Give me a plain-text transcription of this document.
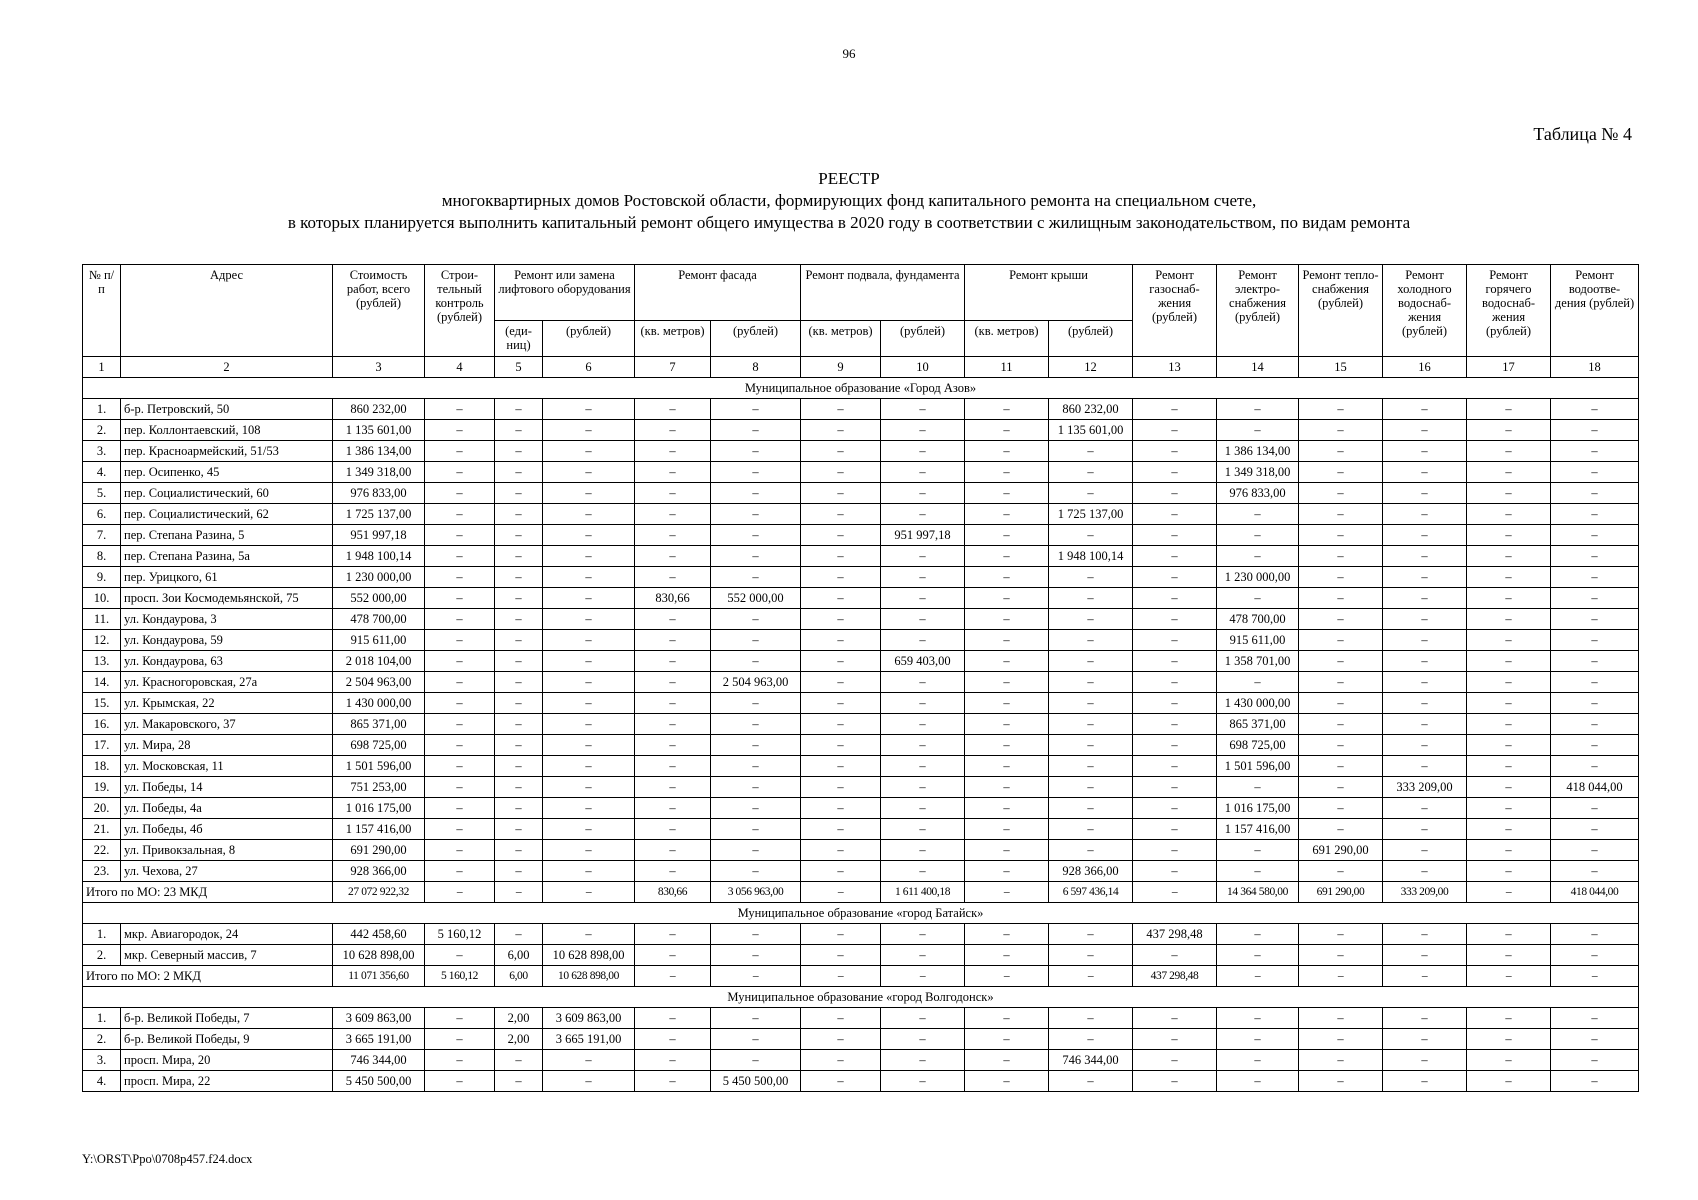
96
Таблица № 4
РЕЕСТР
многоквартирных домов Ростовской области, формирующих фонд капитального ремонта на специальном счете,
в которых планируется выполнить капитальный ремонт общего имущества в 2020 году в соответствии с жилищным законодательством, по видам ремонта
№ п/п	Адрес	Стоимость работ, всего (рублей)	Строи-тельный контроль (рублей)	Ремонт или замена лифтового оборудования		Ремонт фасада		Ремонт подвала, фундамента		Ремонт крыши		Ремонт газоснаб-жения (рублей)	Ремонт электро-снабжения (рублей)	Ремонт тепло-снабжения (рублей)	Ремонт холодного водоснаб-жения (рублей)	Ремонт горячего водоснаб-жения (рублей)	Ремонт водоотве-дения (рублей)
				(еди-ниц)	(рублей)	(кв. метров)	(рублей)	(кв. метров)	(рублей)	(кв. метров)	(рублей)						
1	2	3	4	5	6	7	8	9	10	11	12	13	14	15	16	17	18
Муниципальное образование «Город Азов»																	
1.	б-р. Петровский, 50	860 232,00	–	–	–	–	–	–	–	–	860 232,00	–	–	–	–	–	–
2.	пер. Коллонтаевский, 108	1 135 601,00	–	–	–	–	–	–	–	–	1 135 601,00	–	–	–	–	–	–
3.	пер. Красноармейский, 51/53	1 386 134,00	–	–	–	–	–	–	–	–	–	–	1 386 134,00	–	–	–	–
4.	пер. Осипенко, 45	1 349 318,00	–	–	–	–	–	–	–	–	–	–	1 349 318,00	–	–	–	–
5.	пер. Социалистический, 60	976 833,00	–	–	–	–	–	–	–	–	–	–	976 833,00	–	–	–	–
6.	пер. Социалистический, 62	1 725 137,00	–	–	–	–	–	–	–	–	1 725 137,00	–	–	–	–	–	–
7.	пер. Степана Разина, 5	951 997,18	–	–	–	–	–	–	951 997,18	–	–	–	–	–	–	–	–
8.	пер. Степана Разина, 5а	1 948 100,14	–	–	–	–	–	–	–	–	1 948 100,14	–	–	–	–	–	–
9.	пер. Урицкого, 61	1 230 000,00	–	–	–	–	–	–	–	–	–	–	1 230 000,00	–	–	–	–
10.	просп. Зои Космодемьянской, 75	552 000,00	–	–	–	830,66	552 000,00	–	–	–	–	–	–	–	–	–	–
11.	ул. Кондаурова, 3	478 700,00	–	–	–	–	–	–	–	–	–	–	478 700,00	–	–	–	–
12.	ул. Кондаурова, 59	915 611,00	–	–	–	–	–	–	–	–	–	–	915 611,00	–	–	–	–
13.	ул. Кондаурова, 63	2 018 104,00	–	–	–	–	–	–	659 403,00	–	–	–	1 358 701,00	–	–	–	–
14.	ул. Красногоровская, 27а	2 504 963,00	–	–	–	–	2 504 963,00	–	–	–	–	–	–	–	–	–	–
15.	ул. Крымская, 22	1 430 000,00	–	–	–	–	–	–	–	–	–	–	1 430 000,00	–	–	–	–
16.	ул. Макаровского, 37	865 371,00	–	–	–	–	–	–	–	–	–	–	865 371,00	–	–	–	–
17.	ул. Мира, 28	698 725,00	–	–	–	–	–	–	–	–	–	–	698 725,00	–	–	–	–
18.	ул. Московская, 11	1 501 596,00	–	–	–	–	–	–	–	–	–	–	1 501 596,00	–	–	–	–
19.	ул. Победы, 14	751 253,00	–	–	–	–	–	–	–	–	–	–	–	–	333 209,00	–	418 044,00
20.	ул. Победы, 4а	1 016 175,00	–	–	–	–	–	–	–	–	–	–	1 016 175,00	–	–	–	–
21.	ул. Победы, 4б	1 157 416,00	–	–	–	–	–	–	–	–	–	–	1 157 416,00	–	–	–	–
22.	ул. Привокзальная, 8	691 290,00	–	–	–	–	–	–	–	–	–	–	–	691 290,00	–	–	–
23.	ул. Чехова, 27	928 366,00	–	–	–	–	–	–	–	–	928 366,00	–	–	–	–	–	–
Итого по МО: 23 МКД		27 072 922,32	–	–	–	830,66	3 056 963,00	–	1 611 400,18	–	6 597 436,14	–	14 364 580,00	691 290,00	333 209,00	–	418 044,00
Муниципальное образование «город Батайск»																	
1.	мкр. Авиагородок, 24	442 458,60	5 160,12	–	–	–	–	–	–	–	–	437 298,48	–	–	–	–	–
2.	мкр. Северный массив, 7	10 628 898,00	–	6,00	10 628 898,00	–	–	–	–	–	–	–	–	–	–	–	–
Итого по МО: 2 МКД		11 071 356,60	5 160,12	6,00	10 628 898,00	–	–	–	–	–	–	437 298,48	–	–	–	–	–
Муниципальное образование «город Волгодонск»																	
1.	б-р. Великой Победы, 7	3 609 863,00	–	2,00	3 609 863,00	–	–	–	–	–	–	–	–	–	–	–	–
2.	б-р. Великой Победы, 9	3 665 191,00	–	2,00	3 665 191,00	–	–	–	–	–	–	–	–	–	–	–	–
3.	просп. Мира, 20	746 344,00	–	–	–	–	–	–	–	–	746 344,00	–	–	–	–	–	–
4.	просп. Мира, 22	5 450 500,00	–	–	–	–	5 450 500,00	–	–	–	–	–	–	–	–	–	–
Y:\ORST\Ppo\0708p457.f24.docx
